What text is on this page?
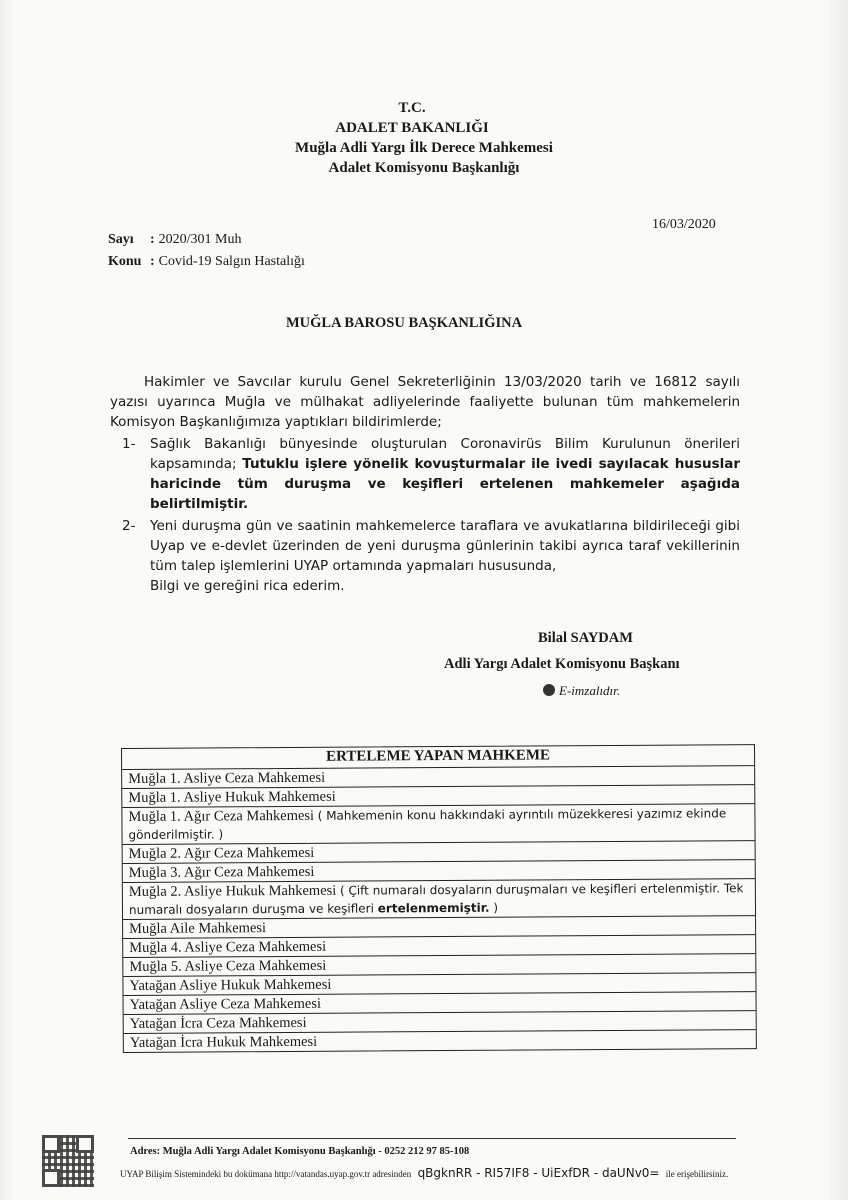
T.C.
ADALET BAKANLIĞI
Muğla Adli Yargı İlk Derece Mahkemesi
Adalet Komisyonu Başkanlığı
16/03/2020
Sayı : 2020/301 Muh
Konu : Covid-19 Salgın Hastalığı
MUĞLA BAROSU BAŞKANLIĞINA

Hakimler ve Savcılar kurulu Genel Sekreterliğinin 13/03/2020 tarih ve 16812 sayılı yazısı uyarınca Muğla ve mülhakat adliyelerinde faaliyette bulunan tüm mahkemelerin Komisyon Başkanlığımıza yaptıkları bildirimlerde;

1- Sağlık Bakanlığı bünyesinde oluşturulan Coronavirüs Bilim Kurulunun önerileri kapsamında; Tutuklu işlere yönelik kovuşturmalar ile ivedi sayılacak hususlar haricinde tüm duruşma ve keşifleri ertelenen mahkemeler aşağıda belirtilmiştir.
2- Yeni duruşma gün ve saatinin mahkemelerce taraflara ve avukatlarına bildirileceği gibi Uyap ve e-devlet üzerinden de yeni duruşma günlerinin takibi ayrıca taraf vekillerinin tüm talep işlemlerini UYAP ortamında yapmaları hususunda,

Bilgi ve gereğini rica ederim.

Bilal SAYDAM
Adli Yargı Adalet Komisyonu Başkanı
E-imzalıdır.
ERTELEME YAPAN MAHKEME
Muğla 1. Asliye Ceza Mahkemesi
Muğla 1. Asliye Hukuk Mahkemesi
Muğla 1. Ağır Ceza Mahkemesi ( Mahkemenin konu hakkındaki ayrıntılı müzekkeresi yazımız ekinde gönderilmiştir. )
Muğla 2. Ağır Ceza Mahkemesi
Muğla 3. Ağır Ceza Mahkemesi
Muğla 2. Asliye Hukuk Mahkemesi ( Çift numaralı dosyaların duruşmaları ve keşifleri ertelenmiştir. Tek numaralı dosyaların duruşma ve keşifleri ertelenmemiştir. )
Muğla Aile Mahkemesi
Muğla 4. Asliye Ceza Mahkemesi
Muğla 5. Asliye Ceza Mahkemesi
Yatağan Asliye Hukuk Mahkemesi
Yatağan Asliye Ceza Mahkemesi
Yatağan İcra Ceza Mahkemesi
Yatağan İcra Hukuk Mahkemesi
Adres: Muğla Adli Yargı Adalet Komisyonu Başkanlığı - 0252 212 97 85-108
UYAP Bilişim Sistemindeki bu dokümana http://vatandas.uyap.gov.tr adresinden qBgknRR - RI57IF8 - UiExfDR - daUNv0= ile erişebilirsiniz.
